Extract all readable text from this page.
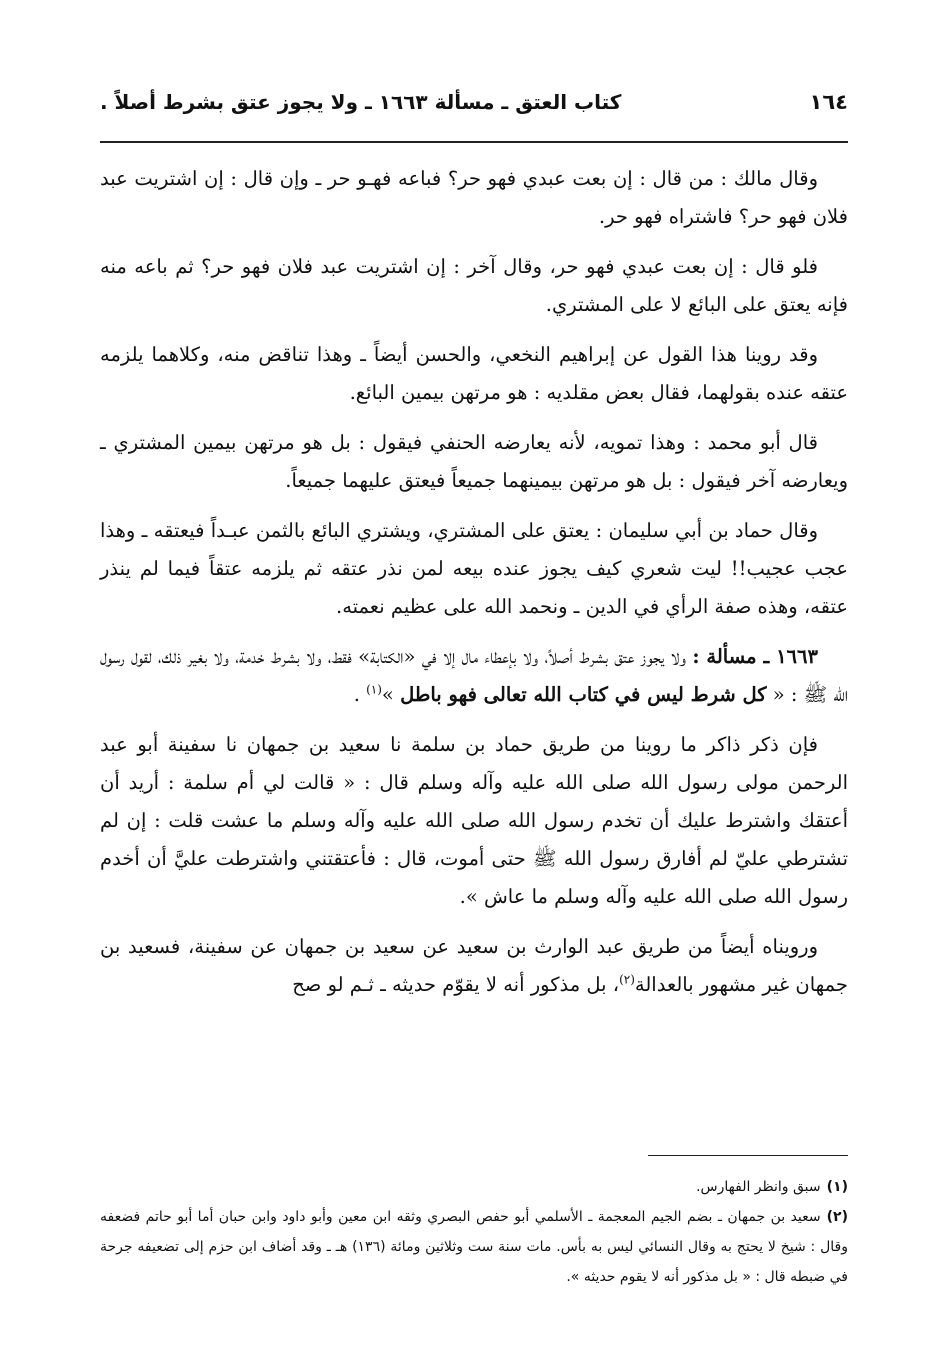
١٦٤
كتاب العتق ـ مسألة ١٦٦٣ ـ ولا يجوز عتق بشرط أصلاً .

وقال مالك : من قال : إن بعت عبدي فهو حر؟ فباعه فهـو حر ـ وإن قال : إن اشتريت عبد فلان فهو حر؟ فاشتراه فهو حر.

فلو قال : إن بعت عبدي فهو حر، وقال آخر : إن اشتريت عبد فلان فهو حر؟ ثم باعه منه فإنه يعتق على البائع لا على المشتري.

وقد روينا هذا القول عن إبراهيم النخعي، والحسن أيضاً ـ وهذا تناقض منه، وكلاهما يلزمه عتقه عنده بقولهما، فقال بعض مقلديه : هو مرتهن بيمين البائع.

قال أبو محمد : وهذا تمويه، لأنه يعارضه الحنفي فيقول : بل هو مرتهن بيمين المشتري ـ ويعارضه آخر فيقول : بل هو مرتهن بيمينهما جميعاً فيعتق عليهما جميعاً.

وقال حماد بن أبي سليمان : يعتق على المشتري، ويشتري البائع بالثمن عبـداً فيعتقه ـ وهذا عجب عجيب!! ليت شعري كيف يجوز عنده بيعه لمن نذر عتقه ثم يلزمه عتقاً فيما لم ينذر عتقه، وهذه صفة الرأي في الدين ـ ونحمد الله على عظيم نعمته.

١٦٦٣ ـ مسألة : ولا يجوز عتق بشرط أصلاً، ولا بإعطاء مال إلا في «الكتابة» فقط، ولا بشرط خدمة، ولا بغير ذلك، لقول رسول الله ﷺ : « كل شرط ليس في كتاب الله تعالى فهو باطل »$^{(١)}$ .

فإن ذكر ذاكر ما روينا من طريق حماد بن سلمة نا سعيد بن جمهان نا سفينة أبو عبد الرحمن مولى رسول الله صلى الله عليه وآله وسلم قال : « قالت لي أم سلمة : أريد أن أعتقك واشترط عليك أن تخدم رسول الله صلى الله عليه وآله وسلم ما عشت قلت : إن لم تشترطي عليّ لم أفارق رسول الله ﷺ حتى أموت، قال : فأعتقتني واشترطت عليَّ أن أخدم رسول الله صلى الله عليه وآله وسلم ما عاش ».

ورويناه أيضاً من طريق عبد الوارث بن سعيد عن سعيد بن جمهان عن سفينة، فسعيد بن جمهان غير مشهور بالعدالة$^{(٢)}$، بل مذكور أنه لا يقوّم حديثه ـ ثـم لو صح

(١)سبق وانظر الفهارس.

(٢)سعيد بن جمهان ـ بضم الجيم المعجمة ـ الأسلمي أبو حفص البصري وثقه ابن معين وأبو داود وابن حبان أما أبو حاتم فضعفه وقال : شيخ لا يحتج به وقال النسائي ليس به بأس. مات سنة ست وثلاثين ومائة (١٣٦) هـ ـ وقد أضاف ابن حزم إلى تضعيفه جرحة في ضبطه قال : « بل مذكور أنه لا يقوم حديثه ».
